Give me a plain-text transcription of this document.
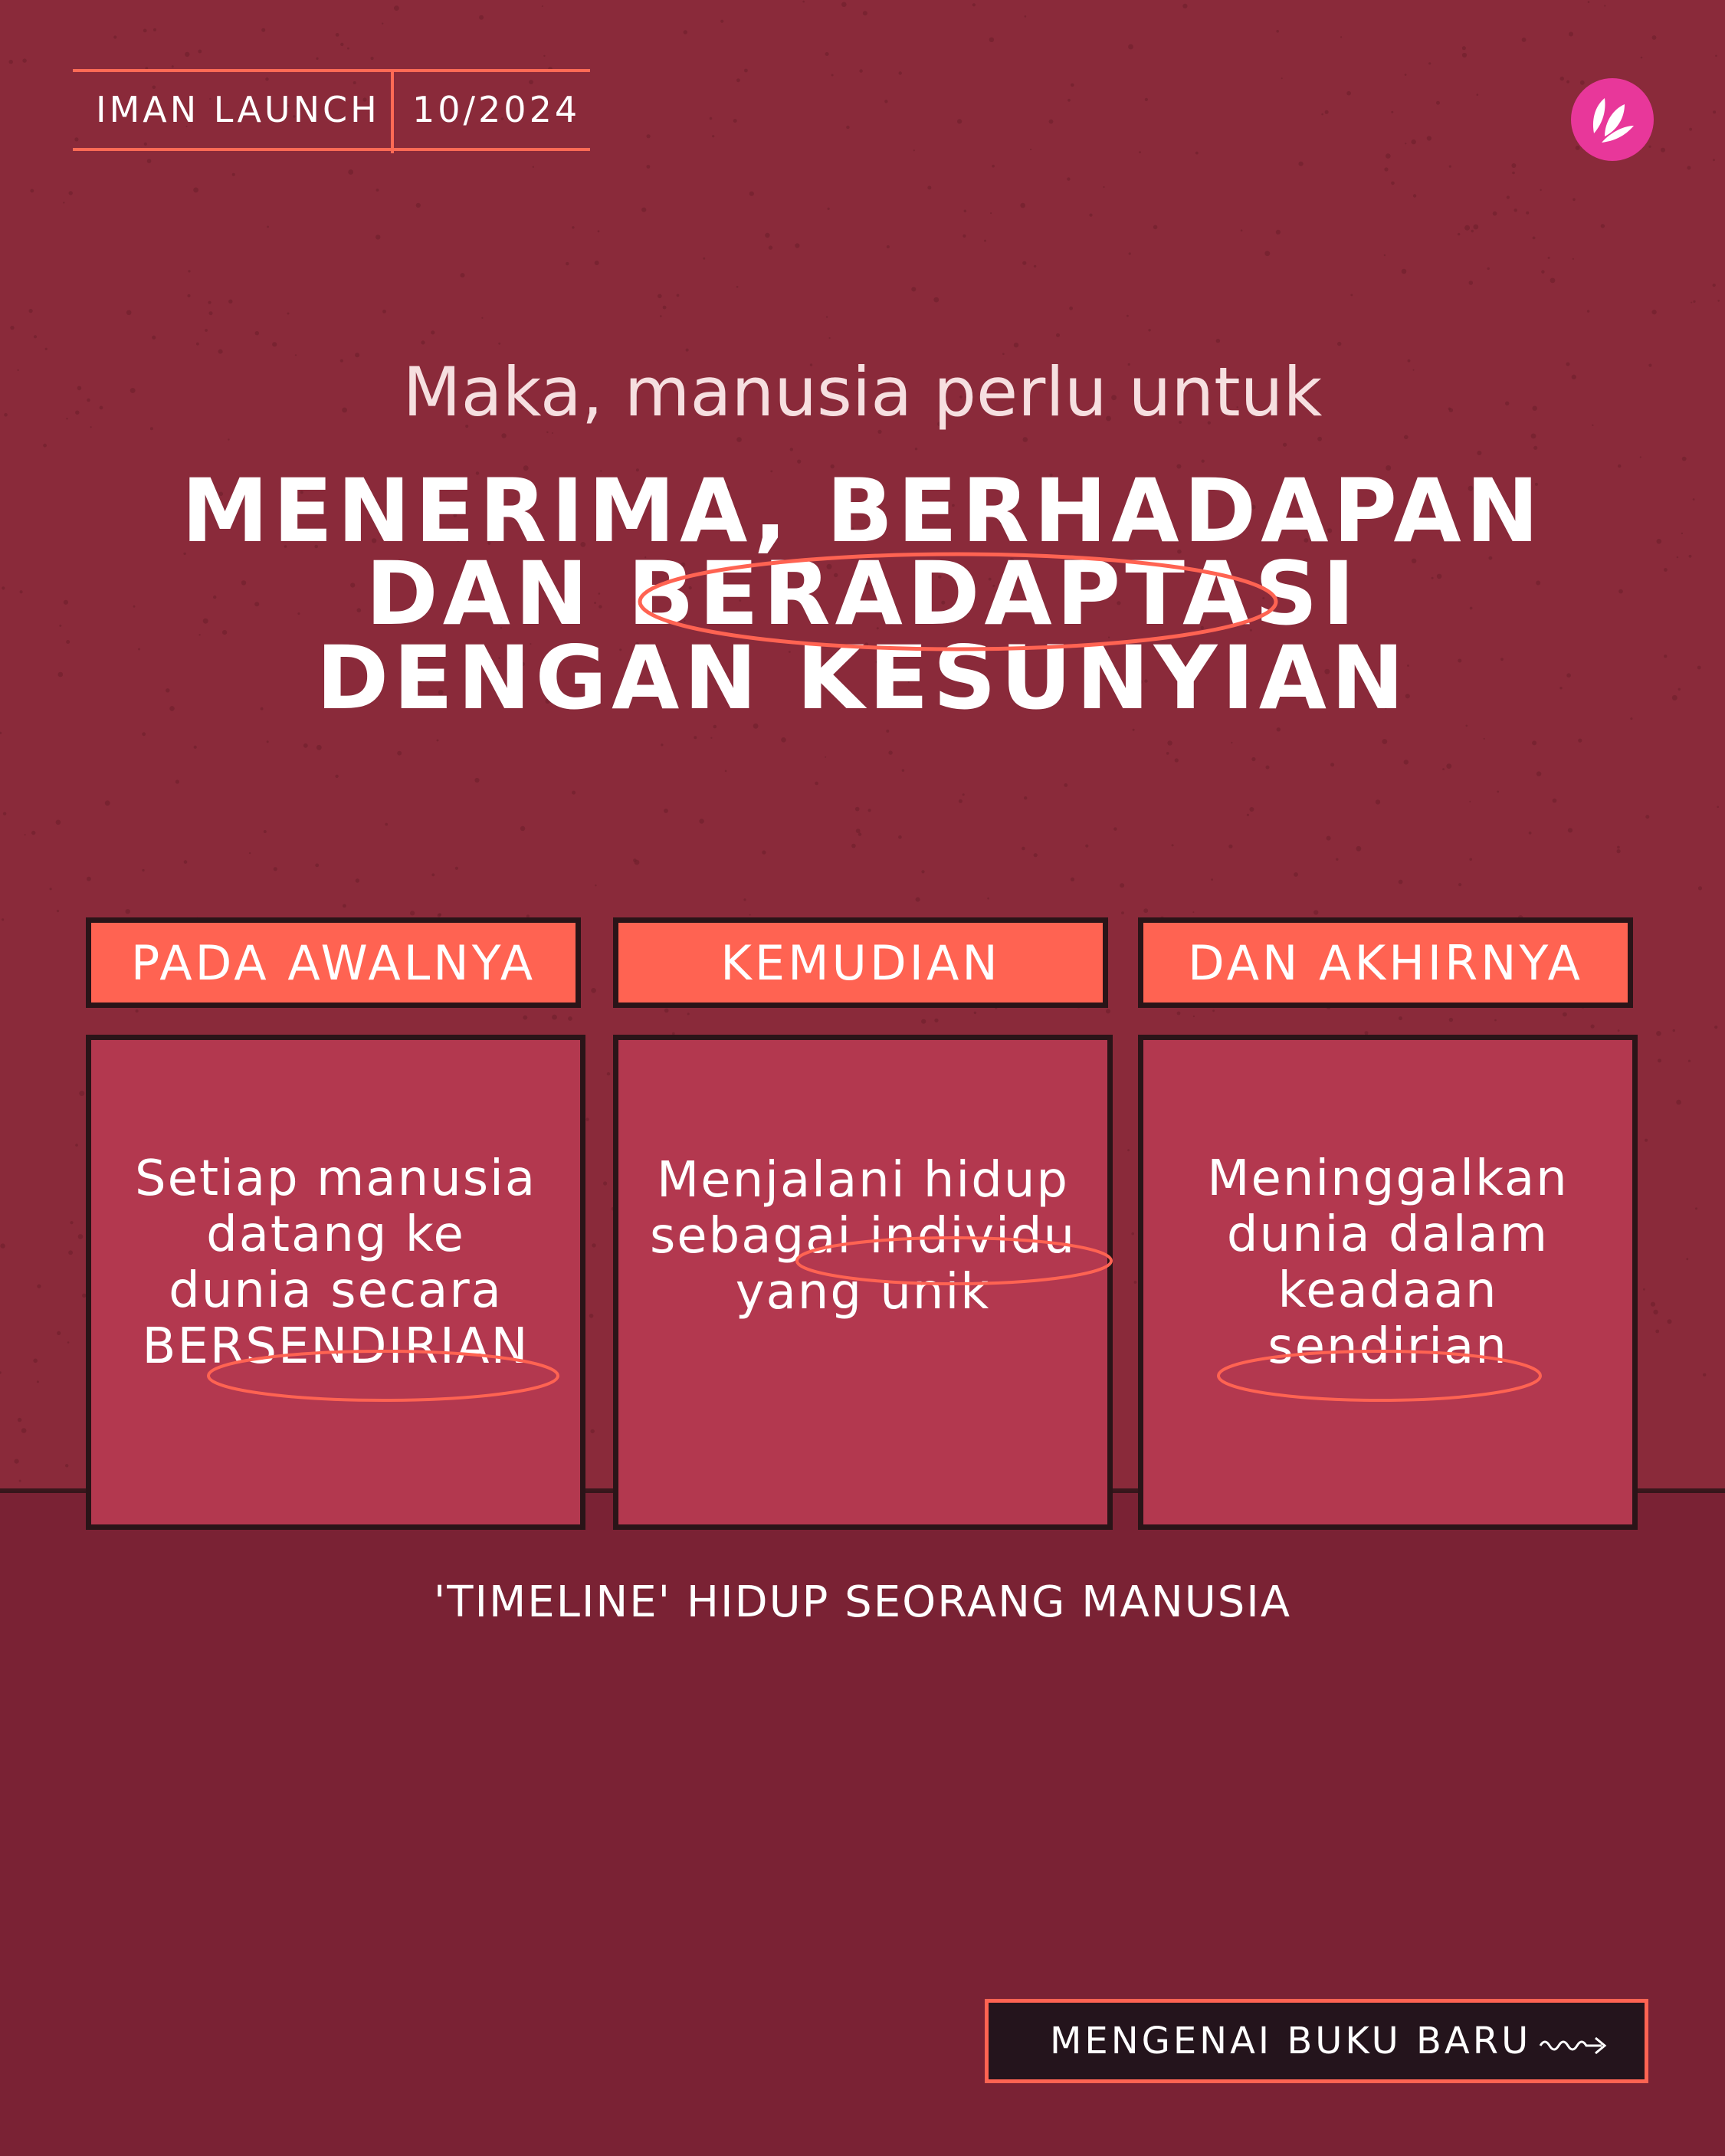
IMAN LAUNCH 10/2024
Maka, manusia perlu untuk
MENERIMA, BERHADAPAN
DAN BERADAPTASI
DENGAN KESUNYIAN
PADA AWALNYA	KEMUDIAN	DAN AKHIRNYA
Setiap manusia
datang ke
dunia secara
BERSENDIRIAN
Menjalani hidup
sebagai individu
yang unik
Meninggalkan
dunia dalam
keadaan
sendirian
'TIMELINE' HIDUP SEORANG MANUSIA
MENGENAI BUKU BARU
